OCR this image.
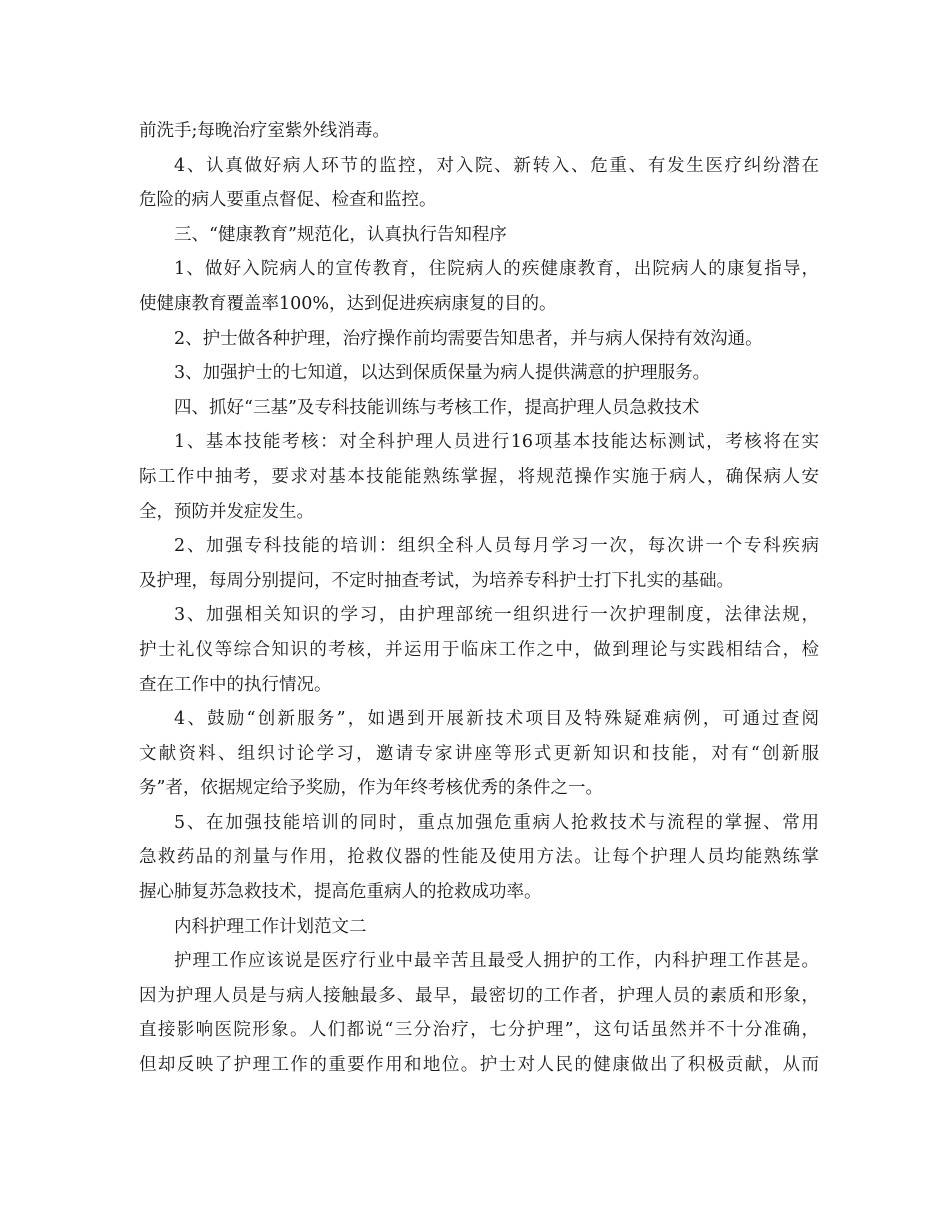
前洗手;每晚治疗室紫外线消毒。
4、认真做好病人环节的监控，对入院、新转入、危重、有发生医疗纠纷潜在
危险的病人要重点督促、检查和监控。
三、“健康教育”规范化，认真执行告知程序
1、做好入院病人的宣传教育，住院病人的疾健康教育，出院病人的康复指导，
使健康教育覆盖率100%，达到促进疾病康复的目的。
2、护士做各种护理，治疗操作前均需要告知患者，并与病人保持有效沟通。
3、加强护士的七知道，以达到保质保量为病人提供满意的护理服务。
四、抓好“三基”及专科技能训练与考核工作，提高护理人员急救技术
1、基本技能考核：对全科护理人员进行16项基本技能达标测试，考核将在实
际工作中抽考，要求对基本技能能熟练掌握，将规范操作实施于病人，确保病人安
全，预防并发症发生。
2、加强专科技能的培训：组织全科人员每月学习一次，每次讲一个专科疾病
及护理，每周分别提问，不定时抽查考试，为培养专科护士打下扎实的基础。
3、加强相关知识的学习，由护理部统一组织进行一次护理制度，法律法规，
护士礼仪等综合知识的考核，并运用于临床工作之中，做到理论与实践相结合，检
查在工作中的执行情况。
4、鼓励“创新服务”，如遇到开展新技术项目及特殊疑难病例，可通过查阅
文献资料、组织讨论学习，邀请专家讲座等形式更新知识和技能，对有“创新服
务”者，依据规定给予奖励，作为年终考核优秀的条件之一。
5、在加强技能培训的同时，重点加强危重病人抢救技术与流程的掌握、常用
急救药品的剂量与作用，抢救仪器的性能及使用方法。让每个护理人员均能熟练掌
握心肺复苏急救技术，提高危重病人的抢救成功率。
内科护理工作计划范文二
护理工作应该说是医疗行业中最辛苦且最受人拥护的工作，内科护理工作甚是。
因为护理人员是与病人接触最多、最早，最密切的工作者，护理人员的素质和形象，
直接影响医院形象。人们都说“三分治疗，七分护理”，这句话虽然并不十分准确，
但却反映了护理工作的重要作用和地位。护士对人民的健康做出了积极贡献，从而
